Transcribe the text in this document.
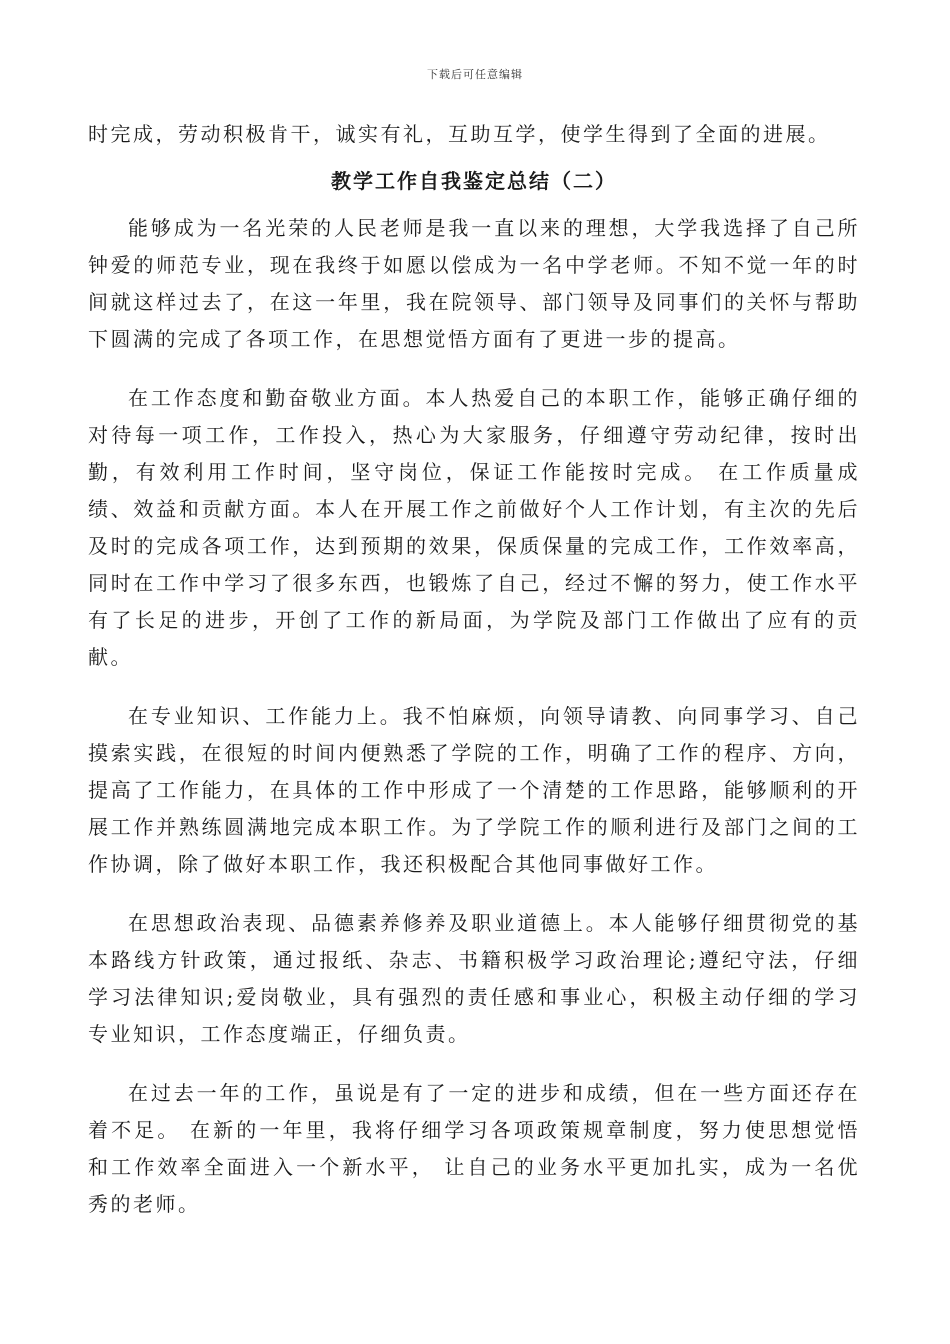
下载后可任意编辑

时完成，劳动积极肯干，诚实有礼，互助互学，使学生得到了全面的进展。

教学工作自我鉴定总结（二）

能够成为一名光荣的人民老师是我一直以来的理想，大学我选择了自己所钟爱的师范专业，现在我终于如愿以偿成为一名中学老师。不知不觉一年的时间就这样过去了，在这一年里，我在院领导、部门领导及同事们的关怀与帮助下圆满的完成了各项工作，在思想觉悟方面有了更进一步的提高。

在工作态度和勤奋敬业方面。本人热爱自己的本职工作，能够正确仔细的对待每一项工作，工作投入，热心为大家服务，仔细遵守劳动纪律，按时出勤，有效利用工作时间，坚守岗位，保证工作能按时完成。 在工作质量成绩、效益和贡献方面。本人在开展工作之前做好个人工作计划，有主次的先后及时的完成各项工作，达到预期的效果，保质保量的完成工作，工作效率高，同时在工作中学习了很多东西，也锻炼了自己，经过不懈的努力，使工作水平有了长足的进步，开创了工作的新局面，为学院及部门工作做出了应有的贡献。

在专业知识、工作能力上。我不怕麻烦，向领导请教、向同事学习、自己摸索实践，在很短的时间内便熟悉了学院的工作，明确了工作的程序、方向，提高了工作能力，在具体的工作中形成了一个清楚的工作思路，能够顺利的开展工作并熟练圆满地完成本职工作。为了学院工作的顺利进行及部门之间的工作协调，除了做好本职工作，我还积极配合其他同事做好工作。

在思想政治表现、品德素养修养及职业道德上。本人能够仔细贯彻党的基本路线方针政策，通过报纸、杂志、书籍积极学习政治理论;遵纪守法，仔细学习法律知识;爱岗敬业，具有强烈的责任感和事业心，积极主动仔细的学习专业知识，工作态度端正，仔细负责。

在过去一年的工作，虽说是有了一定的进步和成绩，但在一些方面还存在着不足。 在新的一年里，我将仔细学习各项政策规章制度，努力使思想觉悟和工作效率全面进入一个新水平， 让自己的业务水平更加扎实，成为一名优秀的老师。
